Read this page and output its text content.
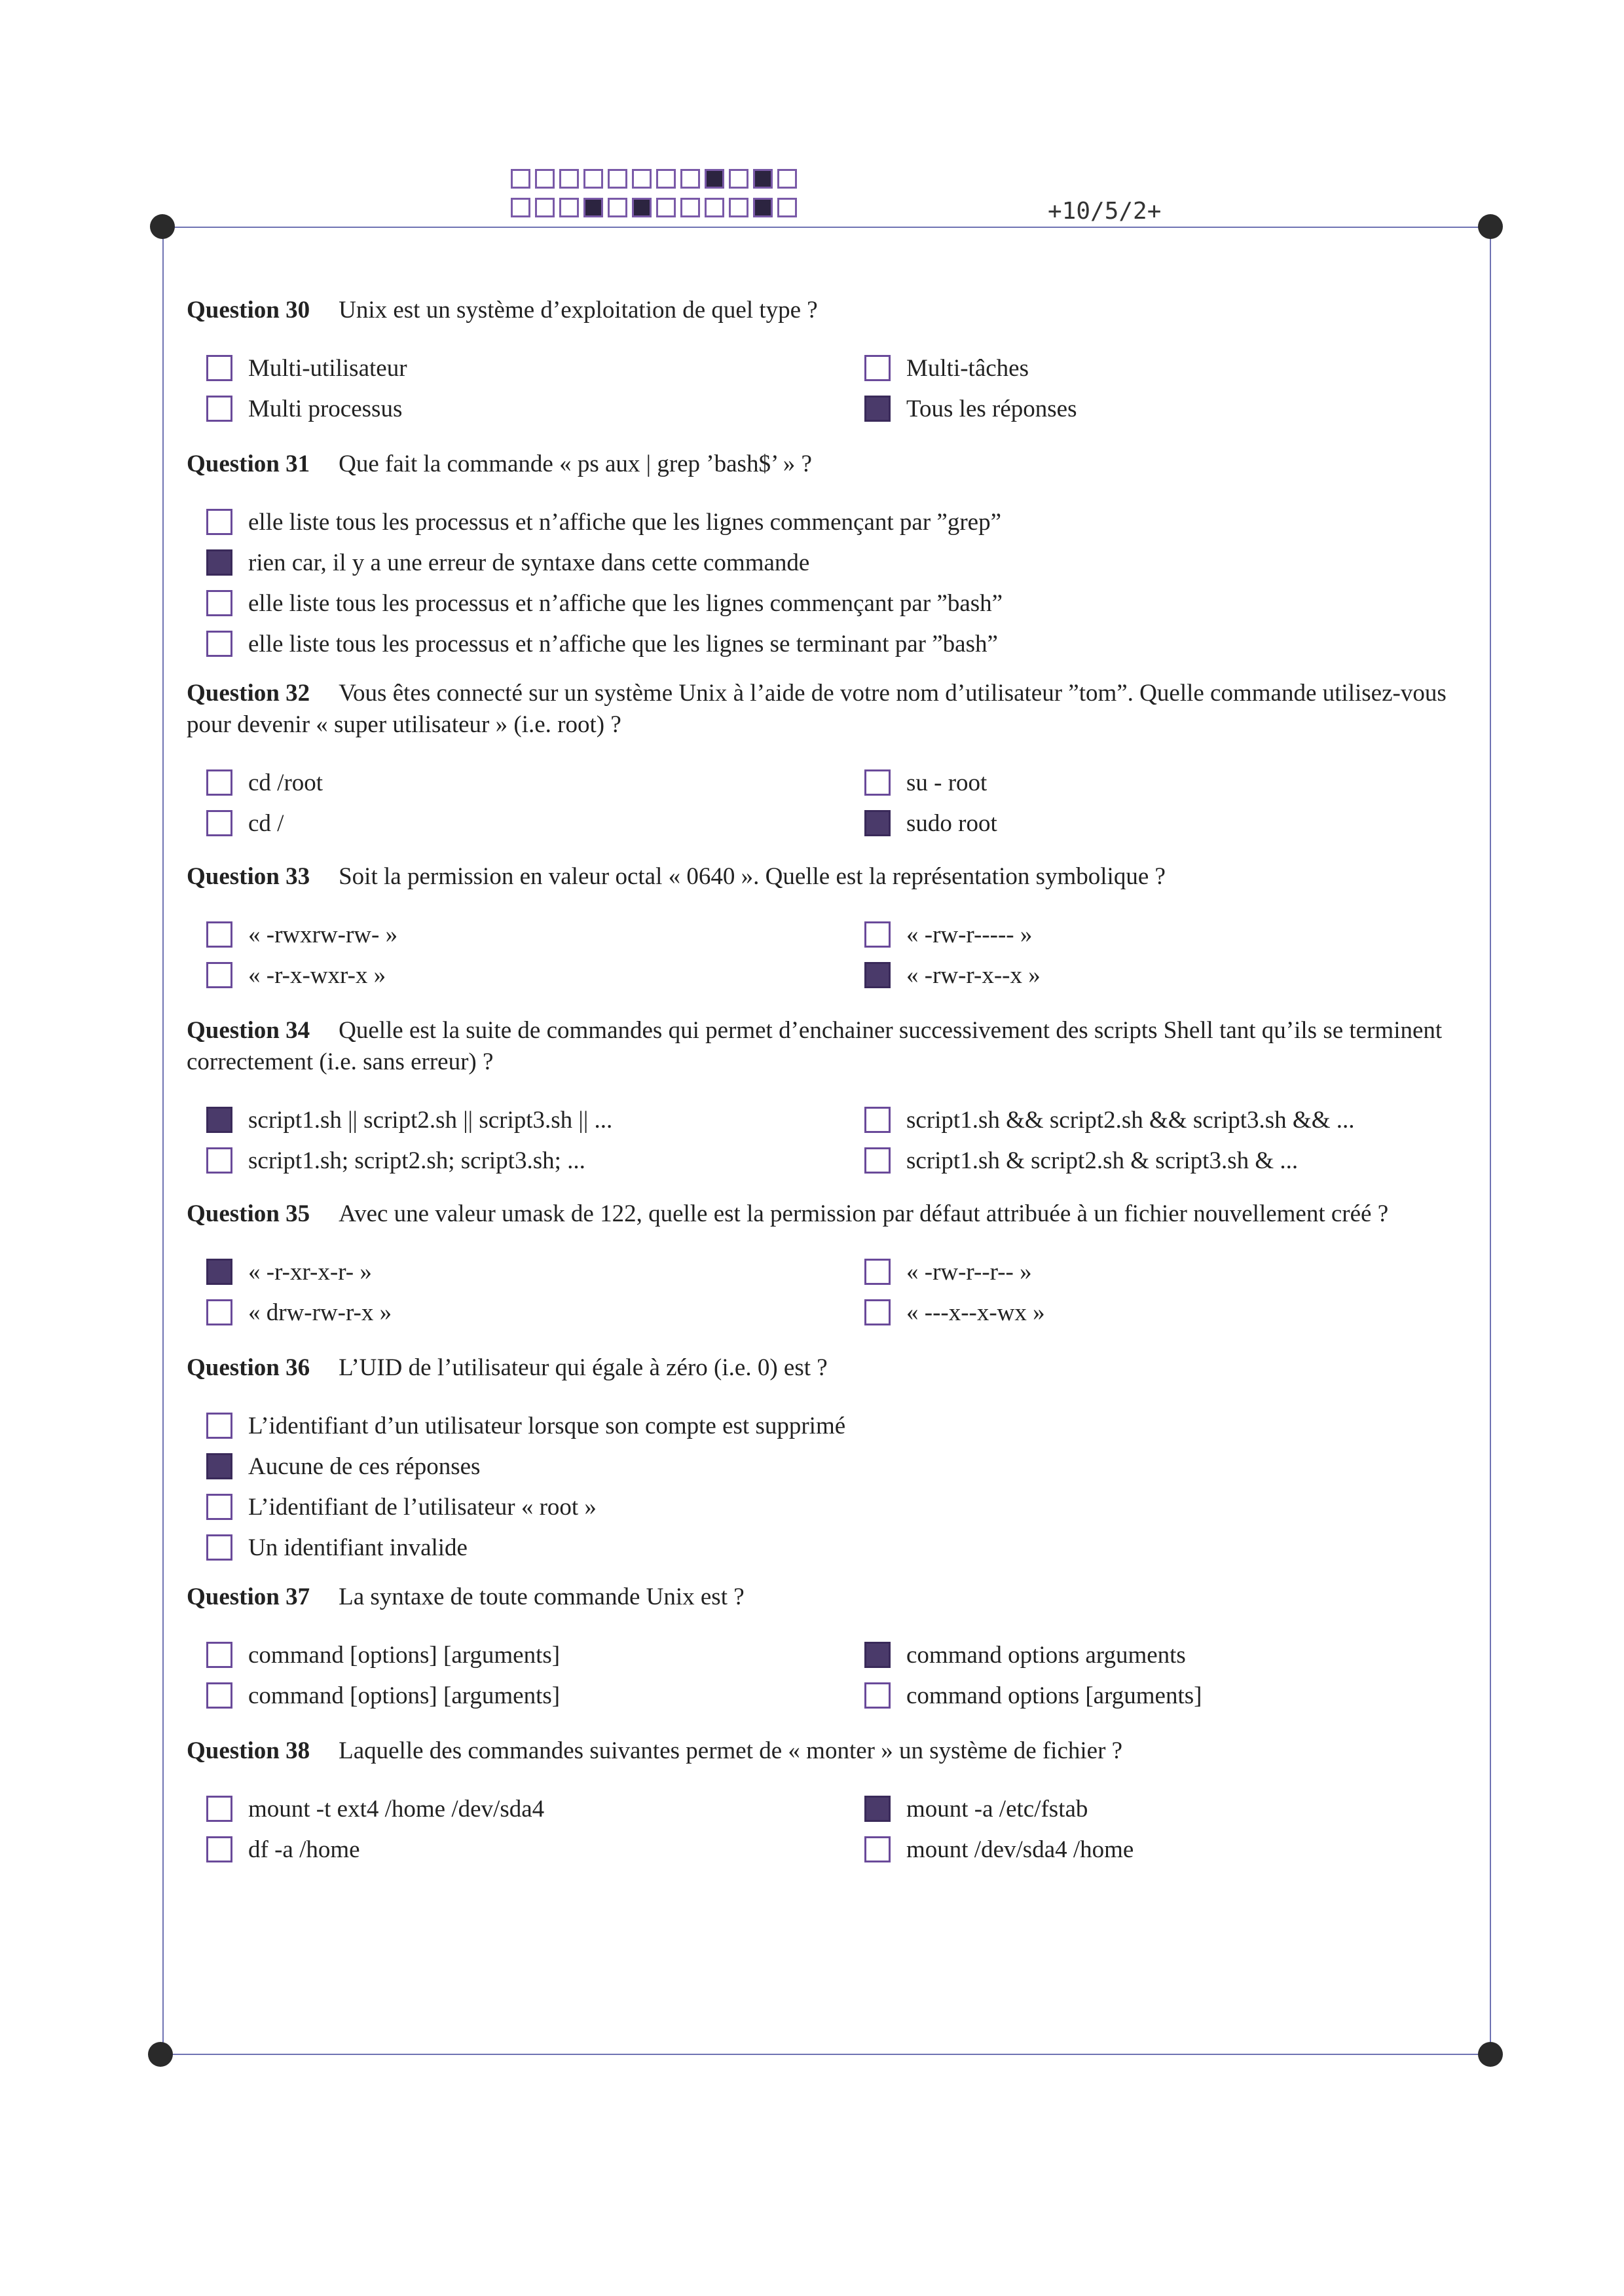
+10/5/2+
Question 30 Unix est un système d’exploitation de quel type ?
Multi-utilisateur	Multi-tâches
Multi processus	Tous les réponses
Question 31 Que fait la commande « ps aux | grep ’bash$’ » ?
elle liste tous les processus et n’affiche que les lignes commençant par ”grep”
rien car, il y a une erreur de syntaxe dans cette commande
elle liste tous les processus et n’affiche que les lignes commençant par ”bash”
elle liste tous les processus et n’affiche que les lignes se terminant par ”bash”
Question 32 Vous êtes connecté sur un système Unix à l’aide de votre nom d’utilisateur ”tom”. Quelle commande utilisez-vous pour devenir « super utilisateur » (i.e. root) ?
cd /root	su - root
cd /	sudo root
Question 33 Soit la permission en valeur octal « 0640 ». Quelle est la représentation symbolique ?
« -rwxrw-rw- »	« -rw-r----- »
« -r-x-wxr-x »	« -rw-r-x--x »
Question 34 Quelle est la suite de commandes qui permet d’enchainer successivement des scripts Shell tant qu’ils se terminent correctement (i.e. sans erreur) ?
script1.sh || script2.sh || script3.sh || ...	script1.sh && script2.sh && script3.sh && ...
script1.sh; script2.sh; script3.sh; ...	script1.sh & script2.sh & script3.sh & ...
Question 35 Avec une valeur umask de 122, quelle est la permission par défaut attribuée à un fichier nouvellement créé ?
« -r-xr-x-r- »	« -rw-r--r-- »
« drw-rw-r-x »	« ---x--x-wx »
Question 36 L’UID de l’utilisateur qui égale à zéro (i.e. 0) est ?
L’identifiant d’un utilisateur lorsque son compte est supprimé
Aucune de ces réponses
L’identifiant de l’utilisateur « root »
Un identifiant invalide
Question 37 La syntaxe de toute commande Unix est ?
command [options] [arguments]	command options arguments
command [options] [arguments]	command options [arguments]
Question 38 Laquelle des commandes suivantes permet de « monter » un système de fichier ?
mount -t ext4 /home /dev/sda4	mount -a /etc/fstab
df -a /home	mount /dev/sda4 /home
